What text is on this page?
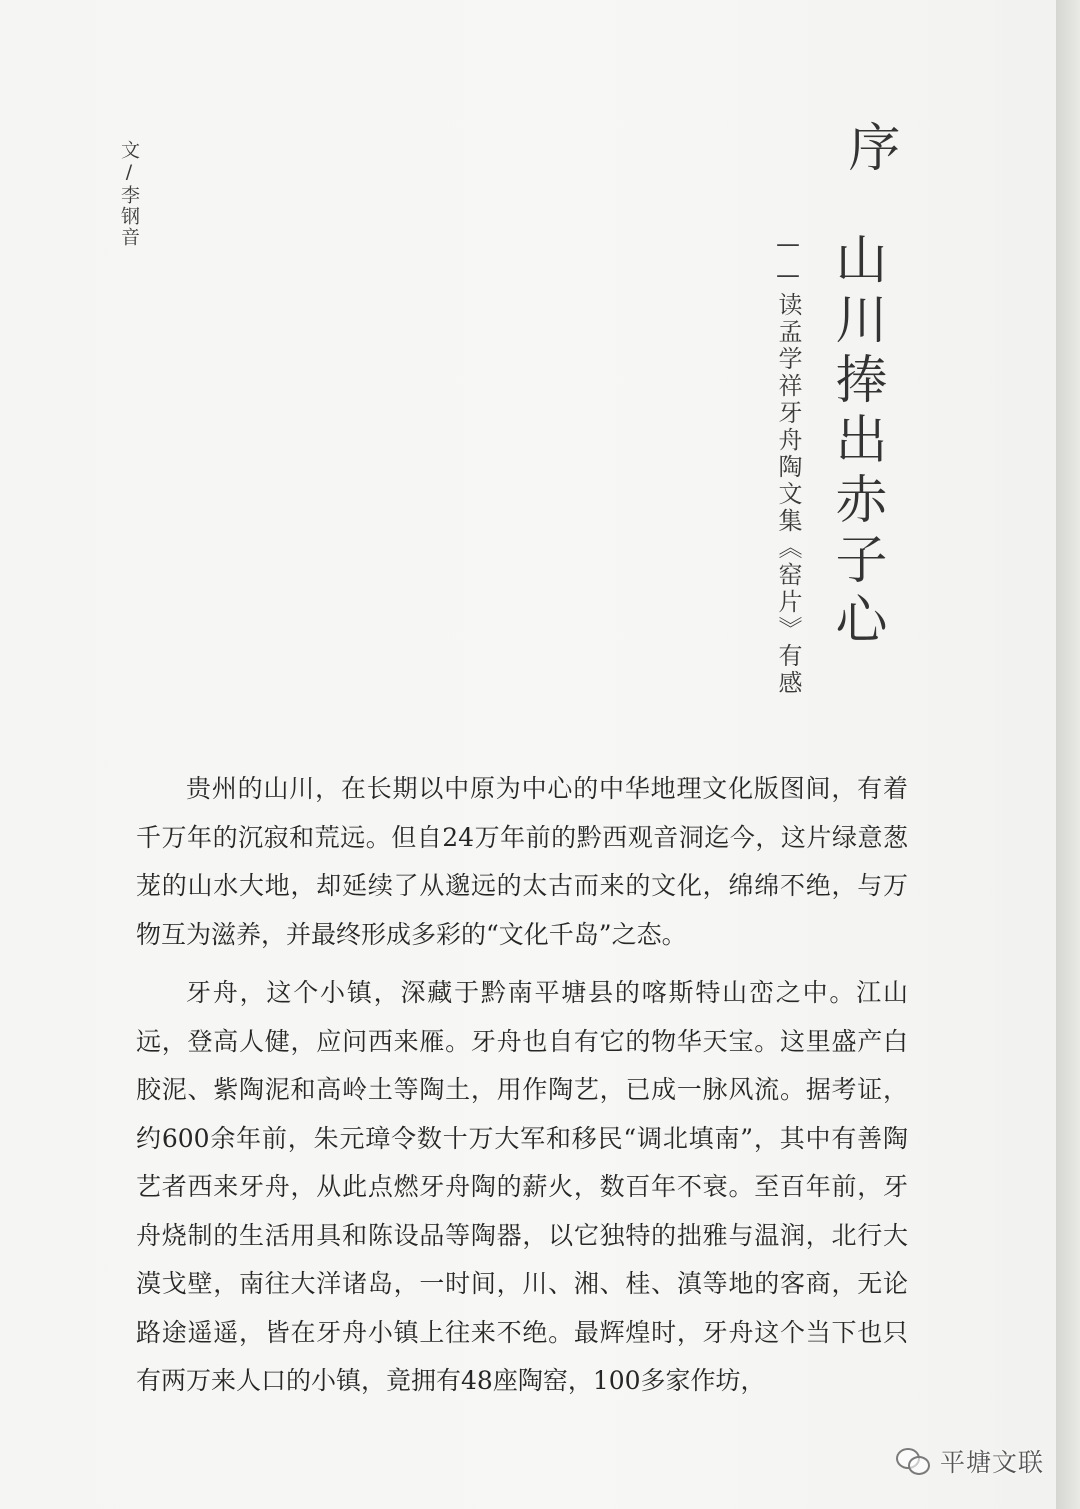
文/李钢音	序
山川捧出赤子心
——读孟学祥牙舟陶文集《窑片》有感

贵州的山川，在长期以中原为中心的中华地理文化版图间，有着千万年的沉寂和荒远。但自24万年前的黔西观音洞迄今，这片绿意葱茏的山水大地，却延续了从邈远的太古而来的文化，绵绵不绝，与万物互为滋养，并最终形成多彩的“文化千岛”之态。

牙舟，这个小镇，深藏于黔南平塘县的喀斯特山峦之中。江山远，登高人健，应问西来雁。牙舟也自有它的物华天宝。这里盛产白胶泥、紫陶泥和高岭土等陶土，用作陶艺，已成一脉风流。据考证，约600余年前，朱元璋令数十万大军和移民“调北填南”，其中有善陶艺者西来牙舟，从此点燃牙舟陶的薪火，数百年不衰。至百年前，牙舟烧制的生活用具和陈设品等陶器，以它独特的拙雅与温润，北行大漠戈壁，南往大洋诸岛，一时间，川、湘、桂、滇等地的客商，无论路途遥遥，皆在牙舟小镇上往来不绝。最辉煌时，牙舟这个当下也只有两万来人口的小镇，竟拥有48座陶窑，100多家作坊，

平塘文联
